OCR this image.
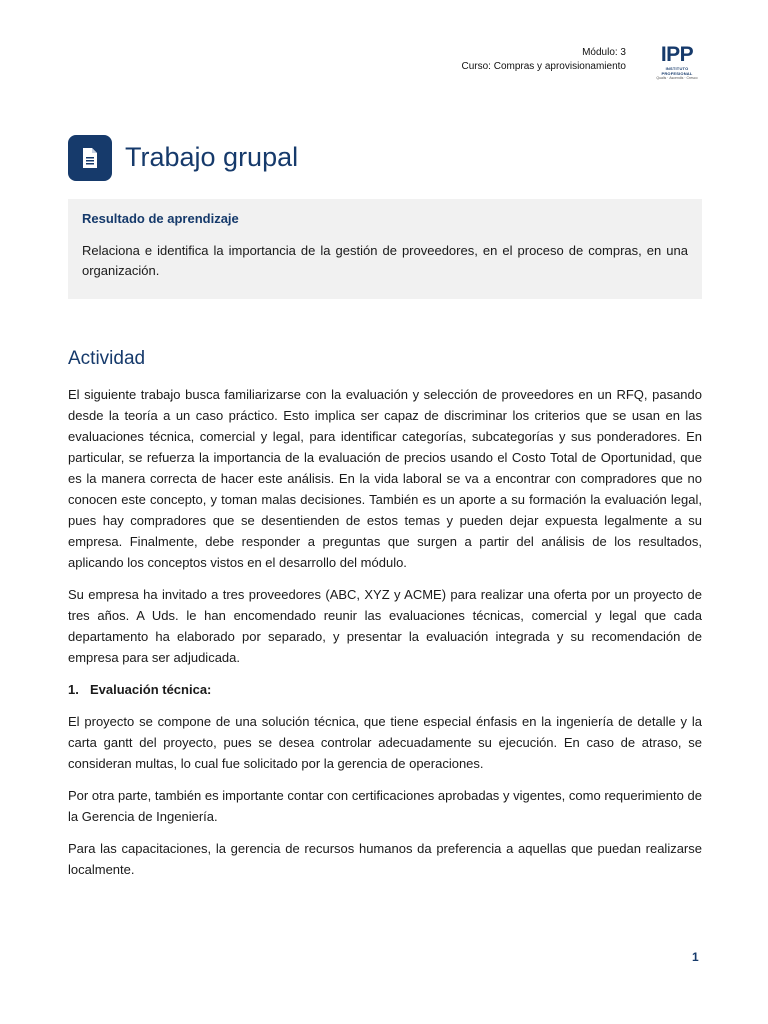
Módulo: 3
Curso: Compras y aprovisionamiento
IPP
INSTITUTO PROFESIONAL
Qualis · Ascendis · Cresco
Trabajo grupal
Resultado de aprendizaje

Relaciona e identifica la importancia de la gestión de proveedores, en el proceso de compras, en una organización.

Actividad

El siguiente trabajo busca familiarizarse con la evaluación y selección de proveedores en un RFQ, pasando desde la teoría a un caso práctico. Esto implica ser capaz de discriminar los criterios que se usan en las evaluaciones técnica, comercial y legal, para identificar categorías, subcategorías y sus ponderadores. En particular, se refuerza la importancia de la evaluación de precios usando el Costo Total de Oportunidad, que es la manera correcta de hacer este análisis. En la vida laboral se va a encontrar con compradores que no conocen este concepto, y toman malas decisiones. También es un aporte a su formación la evaluación legal, pues hay compradores que se desentienden de estos temas y pueden dejar expuesta legalmente a su empresa. Finalmente, debe responder a preguntas que surgen a partir del análisis de los resultados, aplicando los conceptos vistos en el desarrollo del módulo.

Su empresa ha invitado a tres proveedores (ABC, XYZ y ACME) para realizar una oferta por un proyecto de tres años. A Uds. le han encomendado reunir las evaluaciones técnicas, comercial y legal que cada departamento ha elaborado por separado, y presentar la evaluación integrada y su recomendación de empresa para ser adjudicada.

1. Evaluación técnica:

El proyecto se compone de una solución técnica, que tiene especial énfasis en la ingeniería de detalle y la carta gantt del proyecto, pues se desea controlar adecuadamente su ejecución. En caso de atraso, se consideran multas, lo cual fue solicitado por la gerencia de operaciones.

Por otra parte, también es importante contar con certificaciones aprobadas y vigentes, como requerimiento de la Gerencia de Ingeniería.

Para las capacitaciones, la gerencia de recursos humanos da preferencia a aquellas que puedan realizarse localmente.

1
